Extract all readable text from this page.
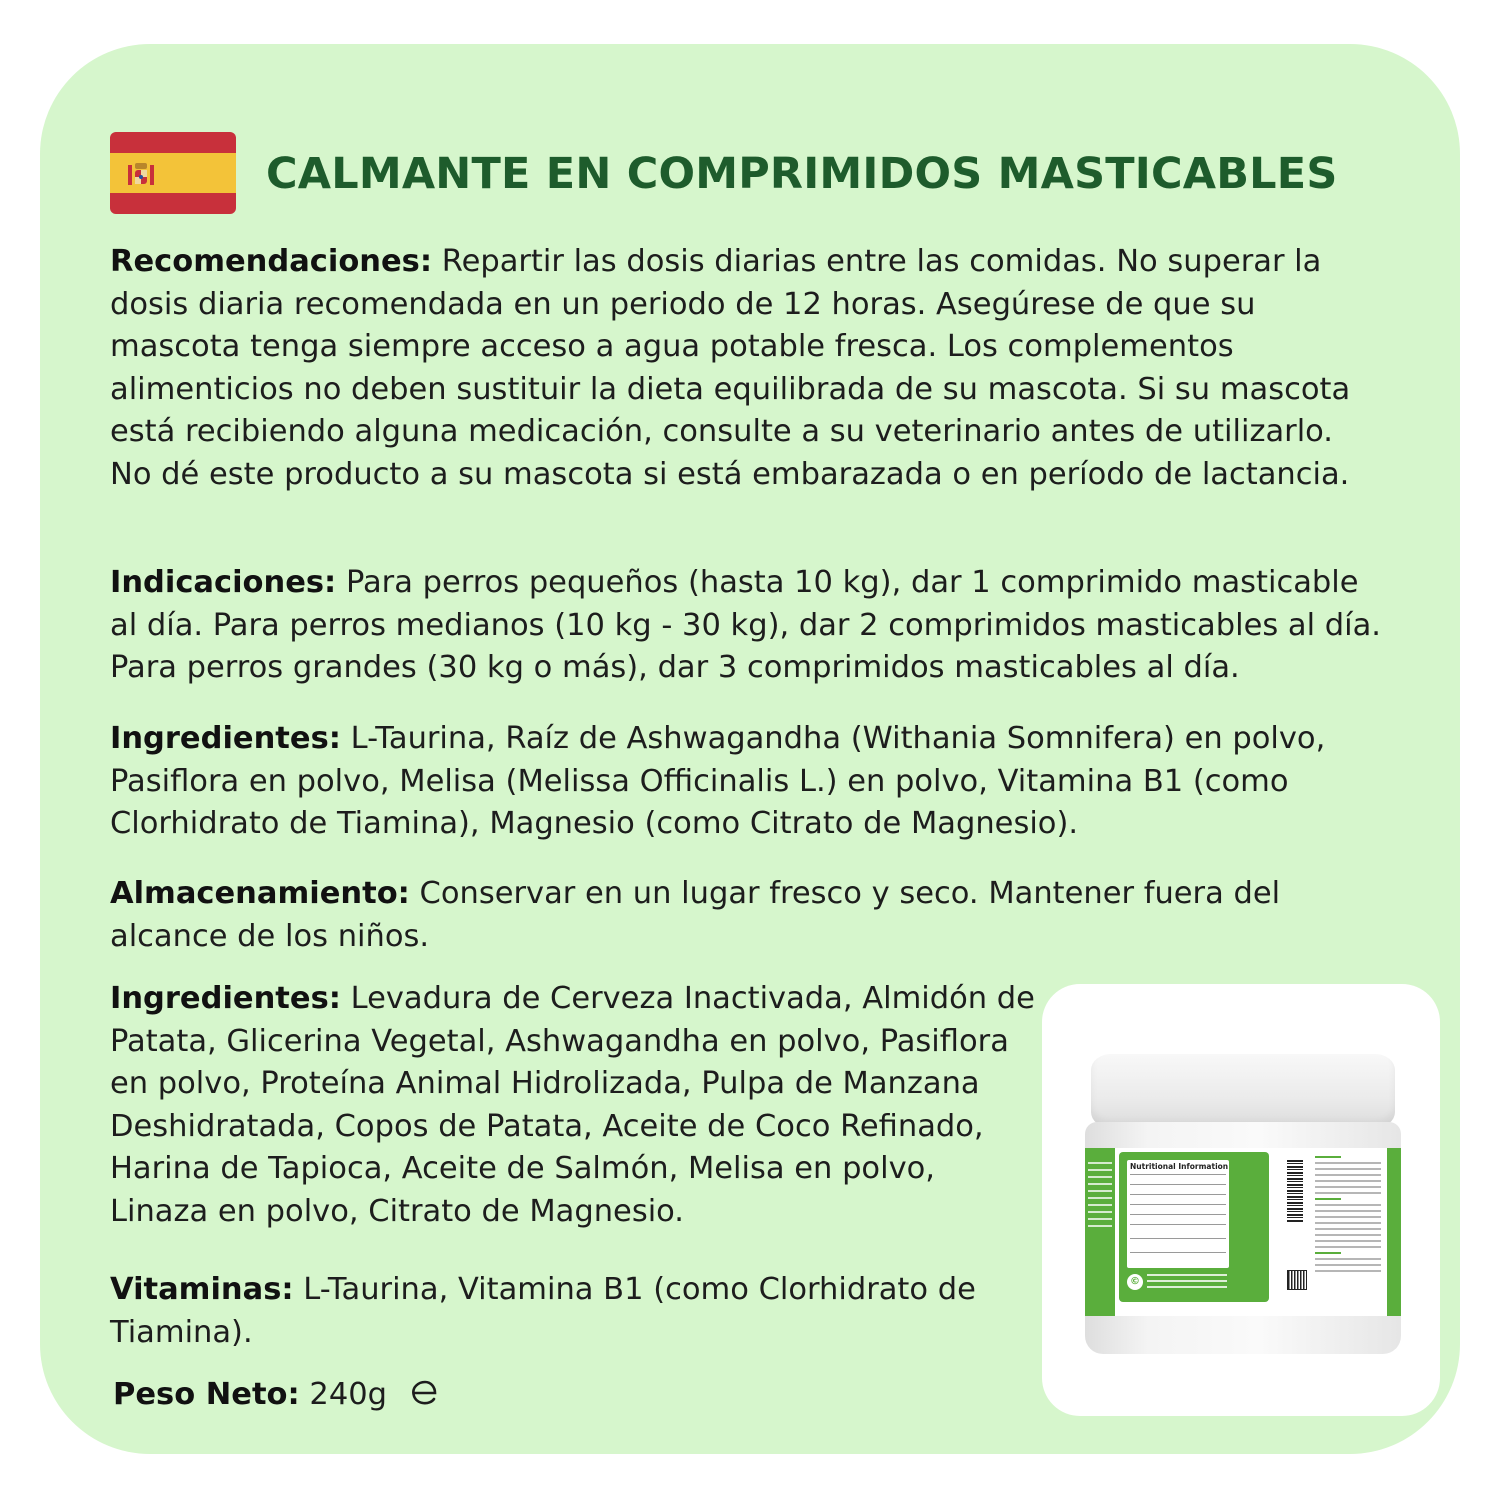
CALMANTE EN COMPRIMIDOS MASTICABLES

Recomendaciones: Repartir las dosis diarias entre las comidas. No superar la dosis diaria recomendada en un periodo de 12 horas. Asegúrese de que su mascota tenga siempre acceso a agua potable fresca. Los complementos alimenticios no deben sustituir la dieta equilibrada de su mascota. Si su mascota está recibiendo alguna medicación, consulte a su veterinario antes de utilizarlo. No dé este producto a su mascota si está embarazada o en período de lactancia.

Indicaciones: Para perros pequeños (hasta 10 kg), dar 1 comprimido masticable al día. Para perros medianos (10 kg - 30 kg), dar 2 comprimidos masticables al día. Para perros grandes (30 kg o más), dar 3 comprimidos masticables al día.

Ingredientes: L-Taurina, Raíz de Ashwagandha (Withania Somnifera) en polvo, Pasiflora en polvo, Melisa (Melissa Officinalis L.) en polvo, Vitamina B1 (como Clorhidrato de Tiamina), Magnesio (como Citrato de Magnesio).

Almacenamiento: Conservar en un lugar fresco y seco. Mantener fuera del alcance de los niños.

Ingredientes: Levadura de Cerveza Inactivada, Almidón de Patata, Glicerina Vegetal, Ashwagandha en polvo, Pasiflora en polvo, Proteína Animal Hidrolizada, Pulpa de Manzana Deshidratada, Copos de Patata, Aceite de Coco Refinado, Harina de Tapioca, Aceite de Salmón, Melisa en polvo, Linaza en polvo, Citrato de Magnesio.

Vitaminas: L-Taurina, Vitamina B1 (como Clorhidrato de Tiamina).

Peso Neto: 240g

Nutritional Information
©
